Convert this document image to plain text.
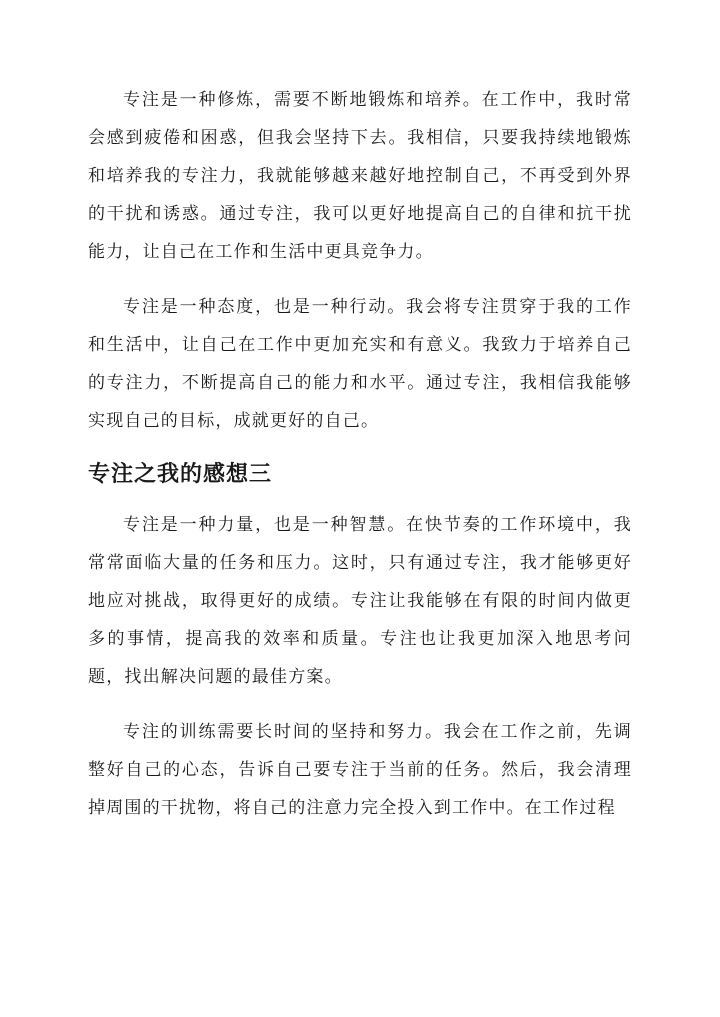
专注是一种修炼，需要不断地锻炼和培养。在工作中，我时常会感到疲倦和困惑，但我会坚持下去。我相信，只要我持续地锻炼和培养我的专注力，我就能够越来越好地控制自己，不再受到外界的干扰和诱惑。通过专注，我可以更好地提高自己的自律和抗干扰能力，让自己在工作和生活中更具竞争力。

专注是一种态度，也是一种行动。我会将专注贯穿于我的工作和生活中，让自己在工作中更加充实和有意义。我致力于培养自己的专注力，不断提高自己的能力和水平。通过专注，我相信我能够实现自己的目标，成就更好的自己。

专注之我的感想三

专注是一种力量，也是一种智慧。在快节奏的工作环境中，我常常面临大量的任务和压力。这时，只有通过专注，我才能够更好地应对挑战，取得更好的成绩。专注让我能够在有限的时间内做更多的事情，提高我的效率和质量。专注也让我更加深入地思考问题，找出解决问题的最佳方案。

专注的训练需要长时间的坚持和努力。我会在工作之前，先调整好自己的心态，告诉自己要专注于当前的任务。然后，我会清理掉周围的干扰物，将自己的注意力完全投入到工作中。在工作过程
